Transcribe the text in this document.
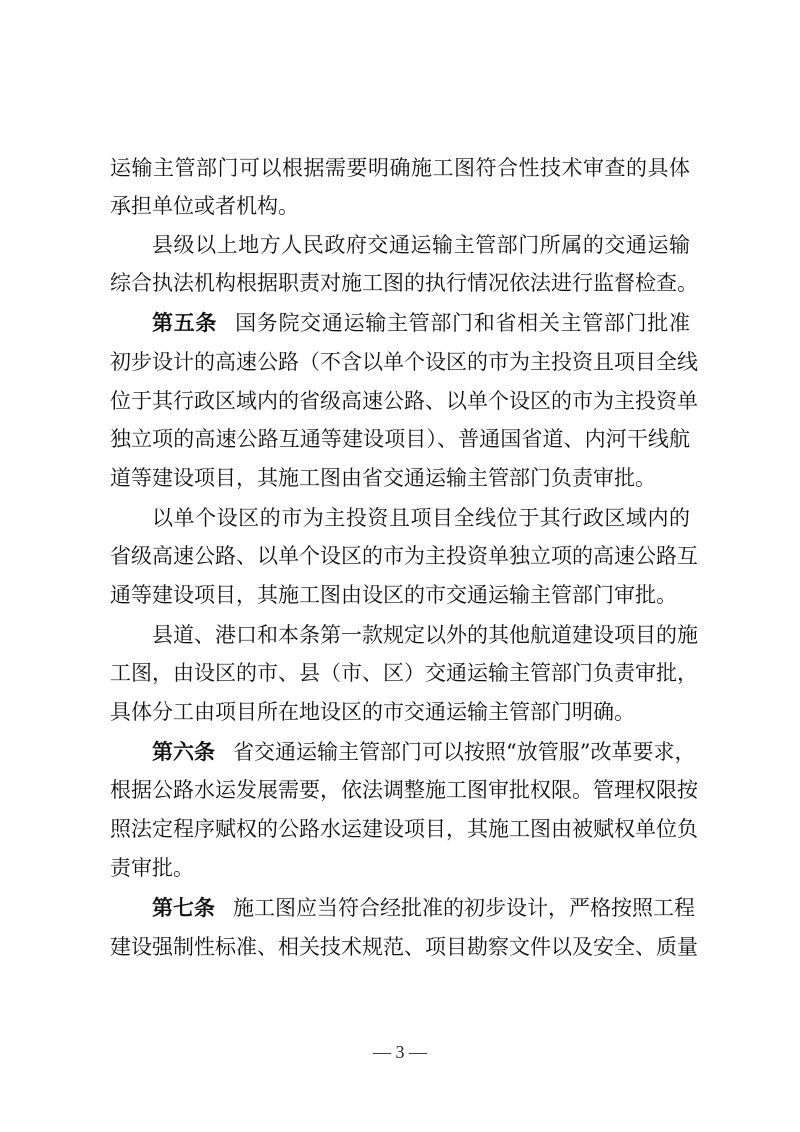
运输主管部门可以根据需要明确施工图符合性技术审查的具体
承担单位或者机构。
县级以上地方人民政府交通运输主管部门所属的交通运输
综合执法机构根据职责对施工图的执行情况依法进行监督检查。
第五条 国务院交通运输主管部门和省相关主管部门批准
初步设计的高速公路（不含以单个设区的市为主投资且项目全线
位于其行政区域内的省级高速公路、以单个设区的市为主投资单
独立项的高速公路互通等建设项目）、普通国省道、内河干线航
道等建设项目，其施工图由省交通运输主管部门负责审批。
以单个设区的市为主投资且项目全线位于其行政区域内的
省级高速公路、以单个设区的市为主投资单独立项的高速公路互
通等建设项目，其施工图由设区的市交通运输主管部门审批。
县道、港口和本条第一款规定以外的其他航道建设项目的施
工图，由设区的市、县（市、区）交通运输主管部门负责审批，
具体分工由项目所在地设区的市交通运输主管部门明确。
第六条 省交通运输主管部门可以按照“放管服”改革要求，
根据公路水运发展需要，依法调整施工图审批权限。管理权限按
照法定程序赋权的公路水运建设项目，其施工图由被赋权单位负
责审批。
第七条 施工图应当符合经批准的初步设计，严格按照工程
建设强制性标准、相关技术规范、项目勘察文件以及安全、质量
— 3 —
